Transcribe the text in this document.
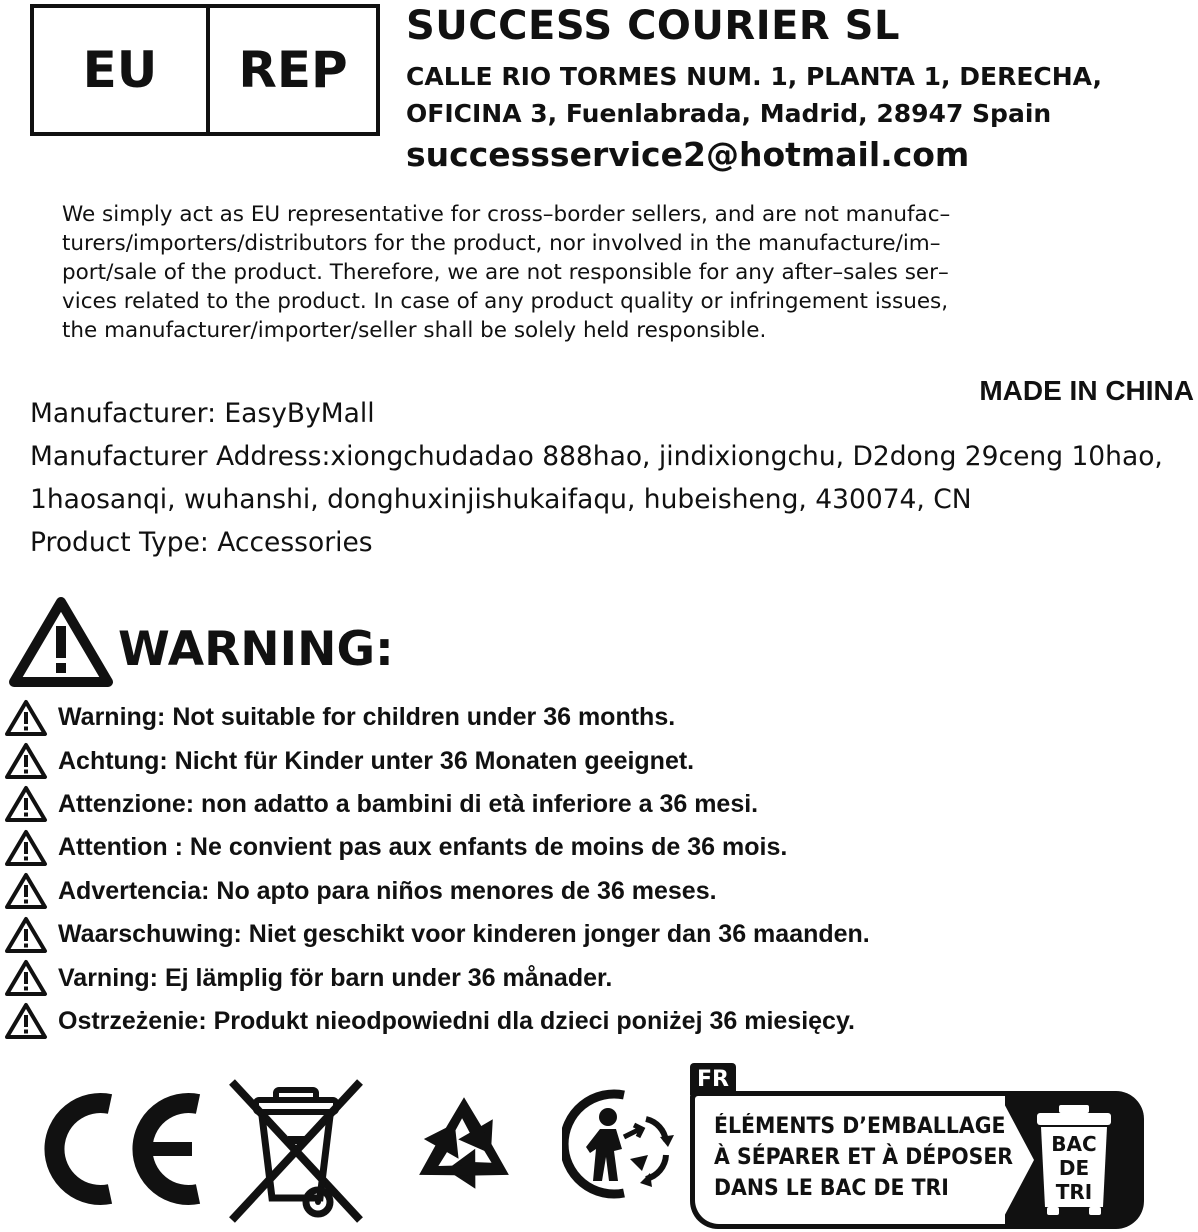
EU	REP
SUCCESS COURIER SL
CALLE RIO TORMES NUM. 1, PLANTA 1, DERECHA,
OFICINA 3, Fuenlabrada, Madrid, 28947 Spain
successservice2@hotmail.com
We simply act as EU representative for cross–border sellers, and are not manufac–
turers/importers/distributors for the product, nor involved in the manufacture/im–
port/sale of the product. Therefore, we are not responsible for any after–sales ser–
vices related to the product. In case of any product quality or infringement issues,
the manufacturer/importer/seller shall be solely held responsible.
MADE IN CHINA
Manufacturer: EasyByMall
Manufacturer Address:xiongchudadao 888hao, jindixiongchu, D2dong 29ceng 10hao,
1haosanqi, wuhanshi, donghuxinjishukaifaqu, hubeisheng, 430074, CN
Product Type: Accessories
WARNING:
Warning: Not suitable for children under 36 months.
Achtung: Nicht für Kinder unter 36 Monaten geeignet.
Attenzione: non adatto a bambini di età inferiore a 36 mesi.
Attention : Ne convient pas aux enfants de moins de 36 mois.
Advertencia: No apto para niños menores de 36 meses.
Waarschuwing: Niet geschikt voor kinderen jonger dan 36 maanden.
Varning: Ej lämplig för barn under 36 månader.
Ostrzeżenie: Produkt nieodpowiedni dla dzieci poniżej 36 miesięcy.
FR
ÉLÉMENTS D’EMBALLAGE
À SÉPARER ET À DÉPOSER
DANS LE BAC DE TRI
BAC
DE
TRI
